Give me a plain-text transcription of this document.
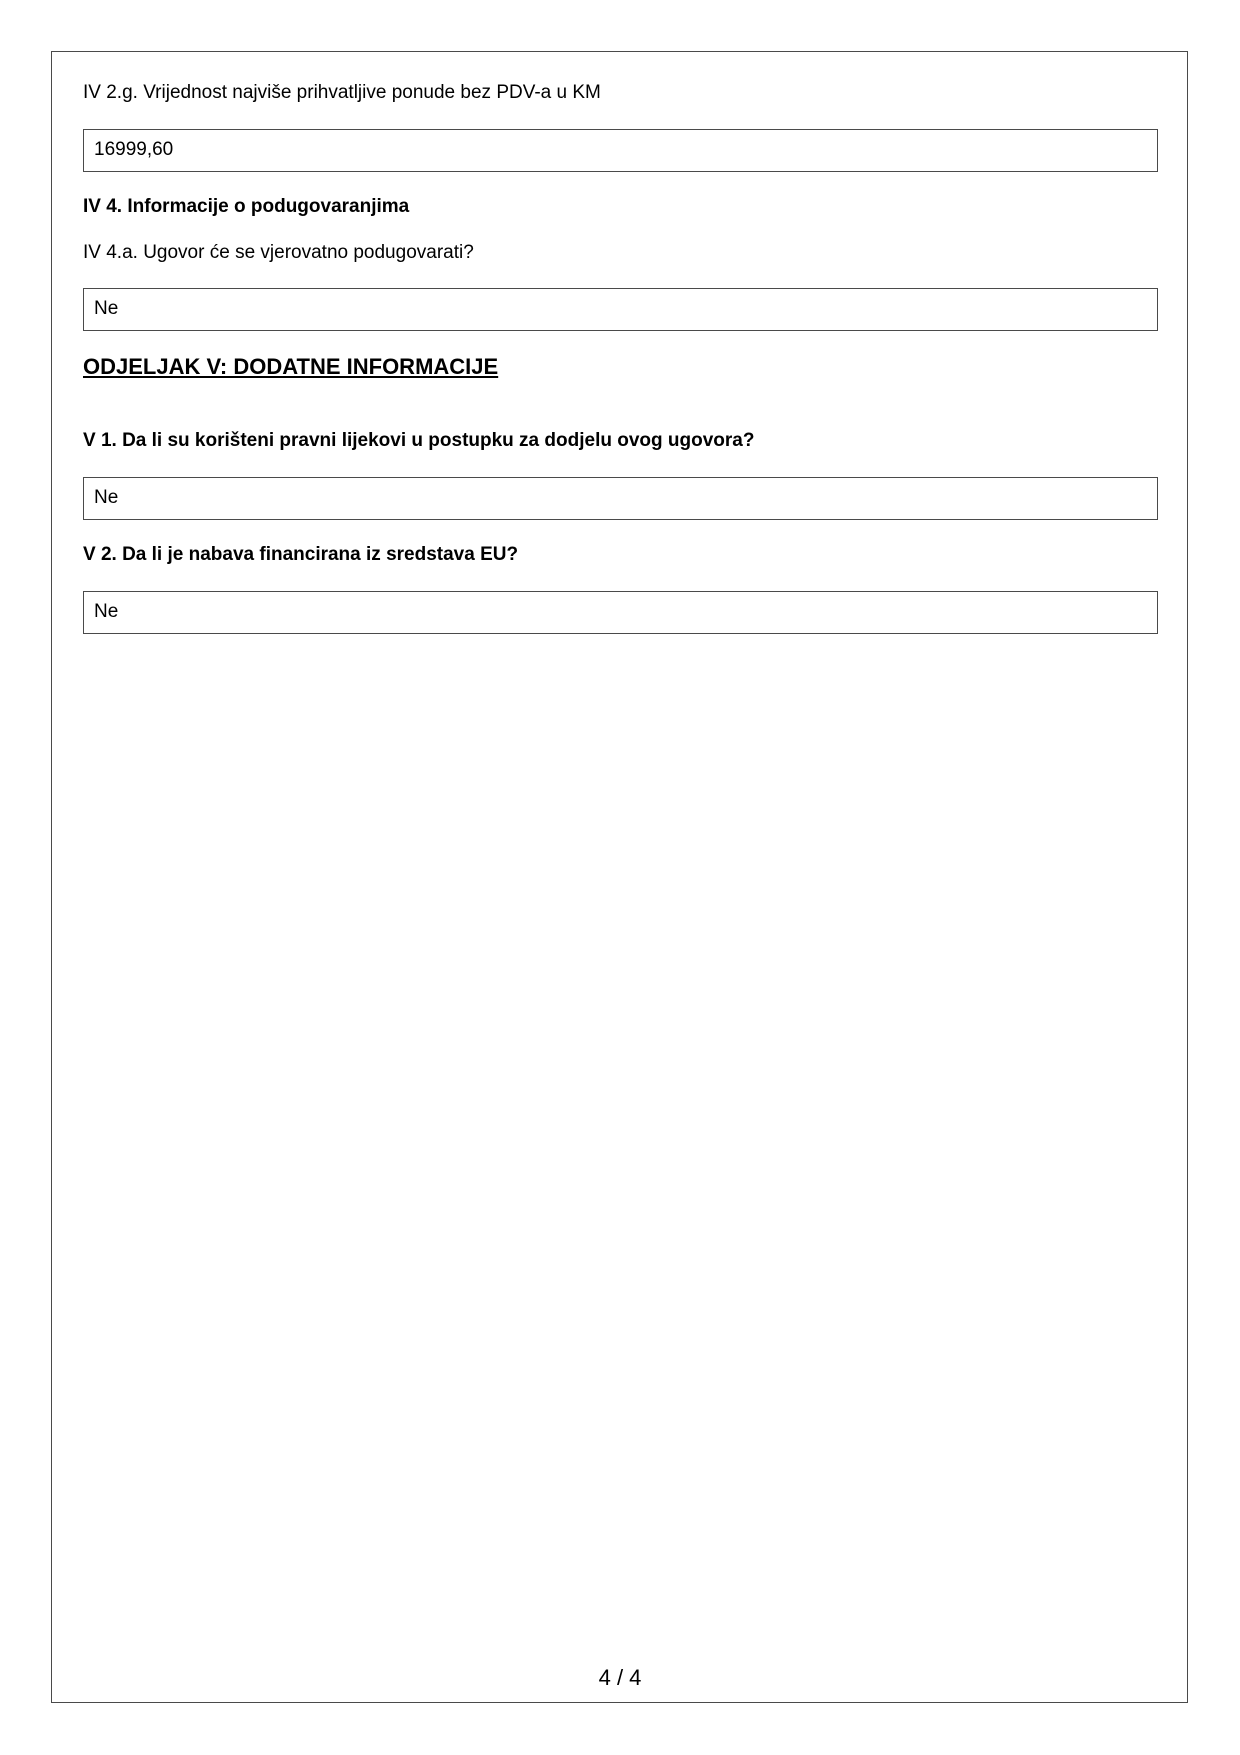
IV 2.g. Vrijednost najviše prihvatljive ponude bez PDV-a u KM
16999,60
IV 4. Informacije o podugovaranjima
IV 4.a. Ugovor će se vjerovatno podugovarati?
Ne
ODJELJAK V: DODATNE INFORMACIJE
V 1. Da li su korišteni pravni lijekovi u postupku za dodjelu ovog ugovora?
Ne
V 2. Da li je nabava financirana iz sredstava EU?
Ne
4 / 4
